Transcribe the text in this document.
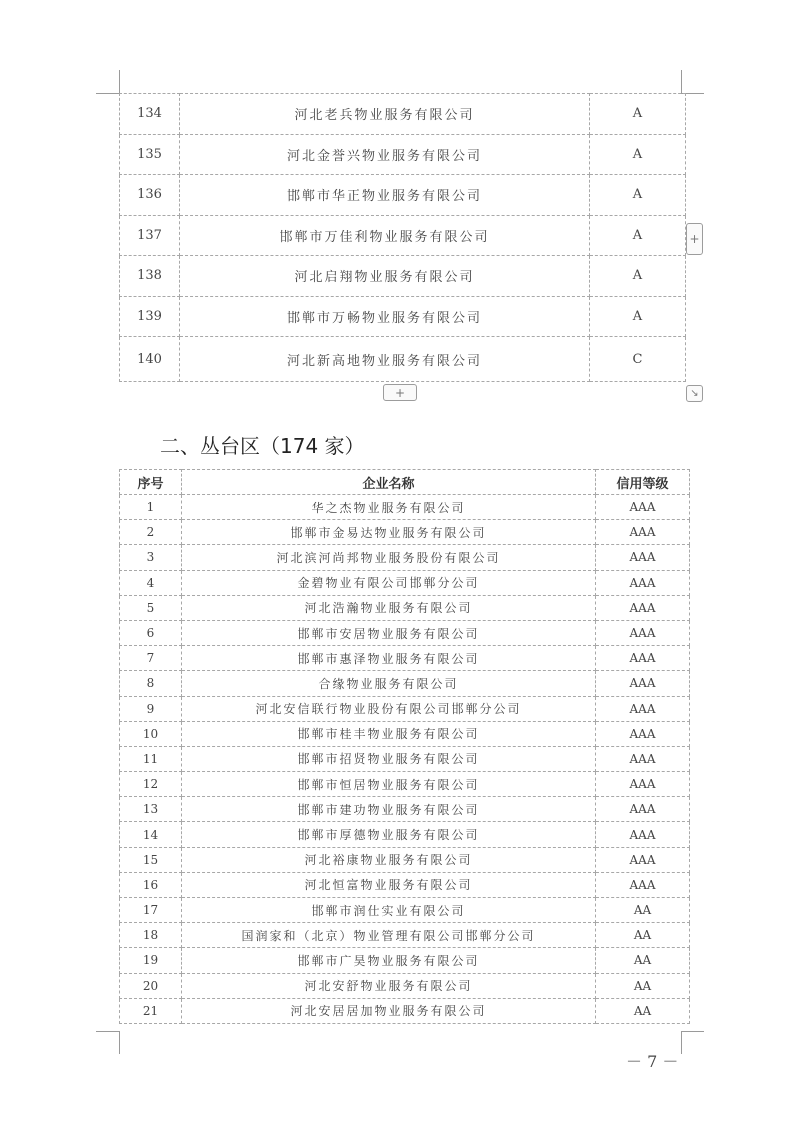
134	河北老兵物业服务有限公司	A
135	河北金誉兴物业服务有限公司	A
136	邯郸市华正物业服务有限公司	A
137	邯郸市万佳利物业服务有限公司	A
138	河北启翔物业服务有限公司	A
139	邯郸市万畅物业服务有限公司	A
140	河北新高地物业服务有限公司	C
+
+	↘
二、丛台区（174 家）
序号	企业名称	信用等级
1	华之杰物业服务有限公司	AAA
2	邯郸市金易达物业服务有限公司	AAA
3	河北滨河尚邦物业服务股份有限公司	AAA
4	金碧物业有限公司邯郸分公司	AAA
5	河北浩瀚物业服务有限公司	AAA
6	邯郸市安居物业服务有限公司	AAA
7	邯郸市惠泽物业服务有限公司	AAA
8	合缘物业服务有限公司	AAA
9	河北安信联行物业股份有限公司邯郸分公司	AAA
10	邯郸市桂丰物业服务有限公司	AAA
11	邯郸市招贤物业服务有限公司	AAA
12	邯郸市恒居物业服务有限公司	AAA
13	邯郸市建功物业服务有限公司	AAA
14	邯郸市厚德物业服务有限公司	AAA
15	河北裕康物业服务有限公司	AAA
16	河北恒富物业服务有限公司	AAA
17	邯郸市润仕实业有限公司	AA
18	国润家和（北京）物业管理有限公司邯郸分公司	AA
19	邯郸市广昊物业服务有限公司	AA
20	河北安舒物业服务有限公司	AA
21	河北安居居加物业服务有限公司	AA
－ 7 －
